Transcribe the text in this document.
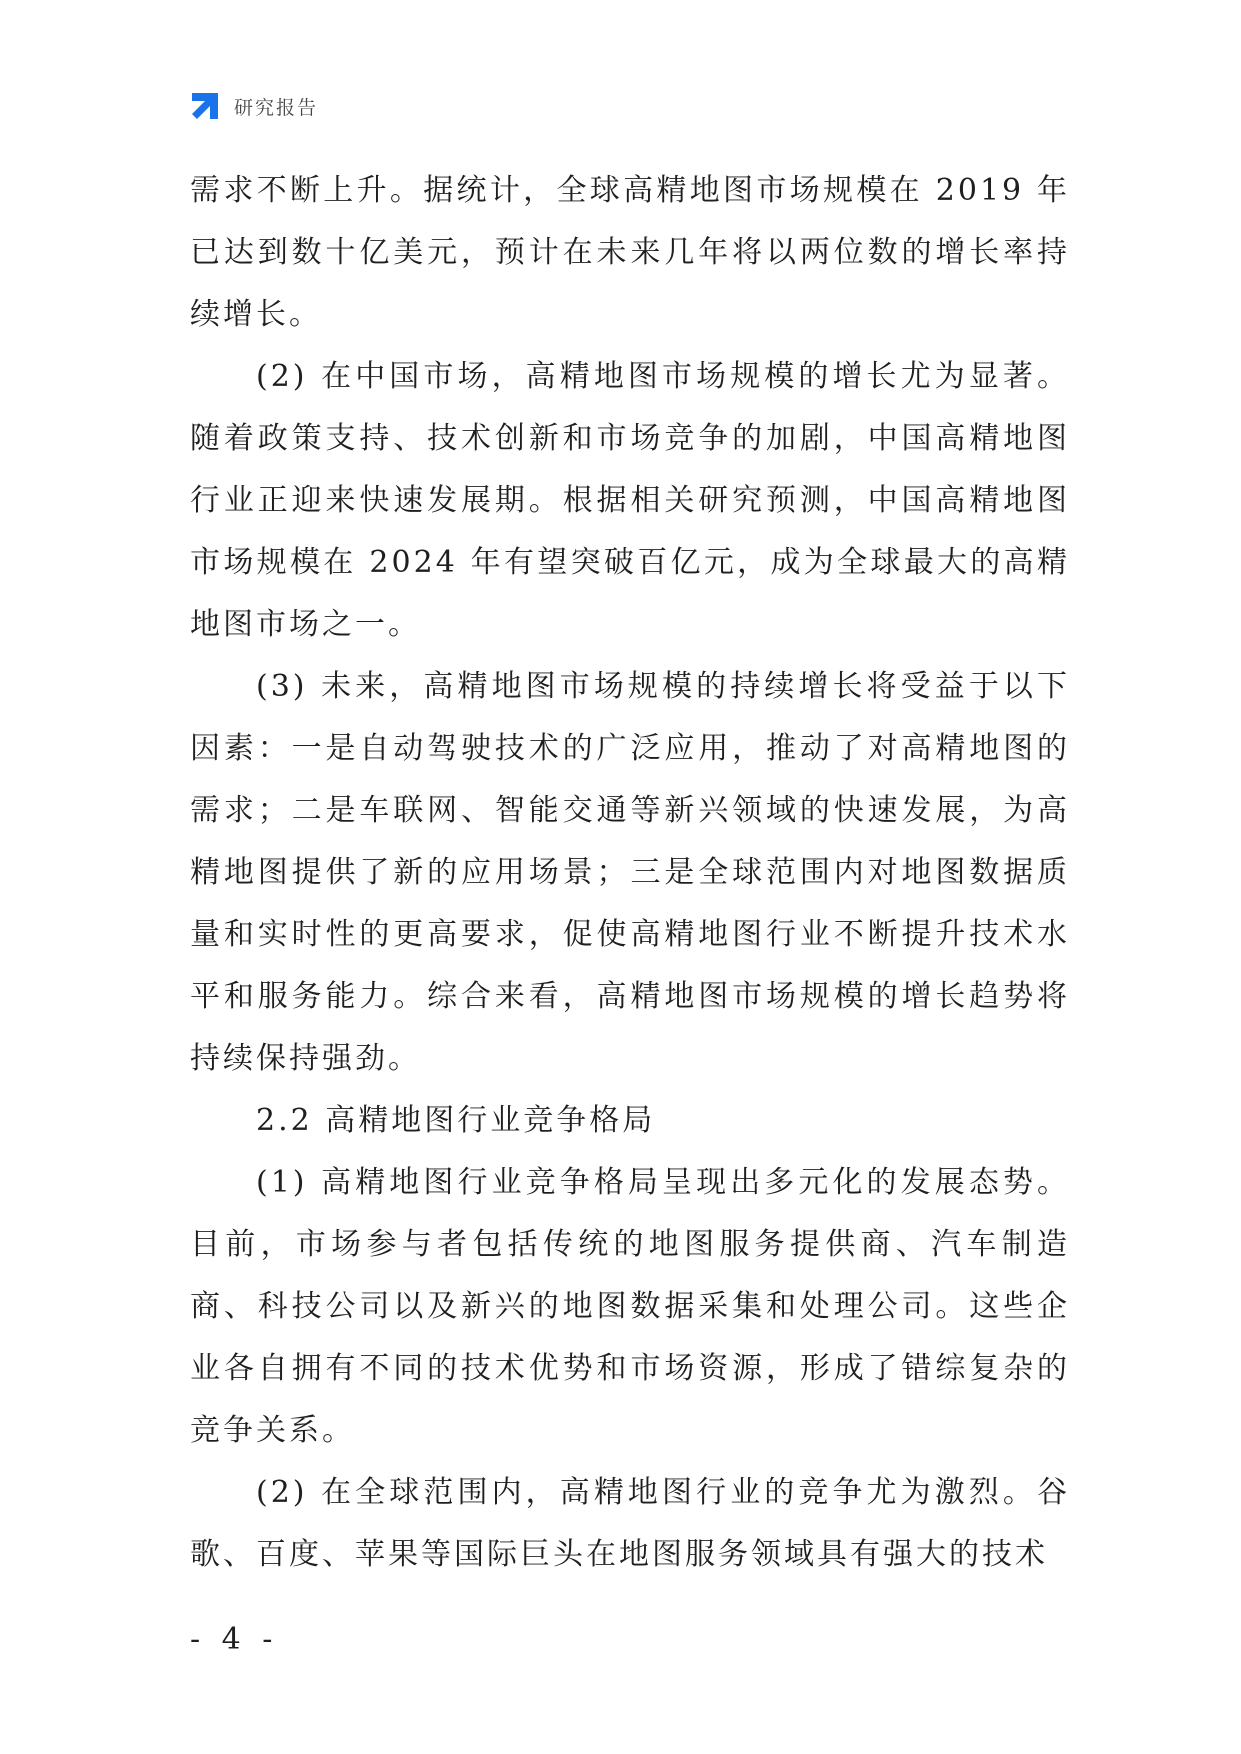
研究报告

需求不断上升。据统计，全球高精地图市场规模在 2019 年已达到数十亿美元，预计在未来几年将以两位数的增长率持续增长。

(2) 在中国市场，高精地图市场规模的增长尤为显著。随着政策支持、技术创新和市场竞争的加剧，中国高精地图行业正迎来快速发展期。根据相关研究预测，中国高精地图市场规模在 2024 年有望突破百亿元，成为全球最大的高精地图市场之一。

(3) 未来，高精地图市场规模的持续增长将受益于以下因素：一是自动驾驶技术的广泛应用，推动了对高精地图的需求；二是车联网、智能交通等新兴领域的快速发展，为高精地图提供了新的应用场景；三是全球范围内对地图数据质量和实时性的更高要求，促使高精地图行业不断提升技术水平和服务能力。综合来看，高精地图市场规模的增长趋势将持续保持强劲。

2.2 高精地图行业竞争格局

(1) 高精地图行业竞争格局呈现出多元化的发展态势。目前，市场参与者包括传统的地图服务提供商、汽车制造商、科技公司以及新兴的地图数据采集和处理公司。这些企业各自拥有不同的技术优势和市场资源，形成了错综复杂的竞争关系。

(2) 在全球范围内，高精地图行业的竞争尤为激烈。谷歌、百度、苹果等国际巨头在地图服务领域具有强大的技术

- 4 -
